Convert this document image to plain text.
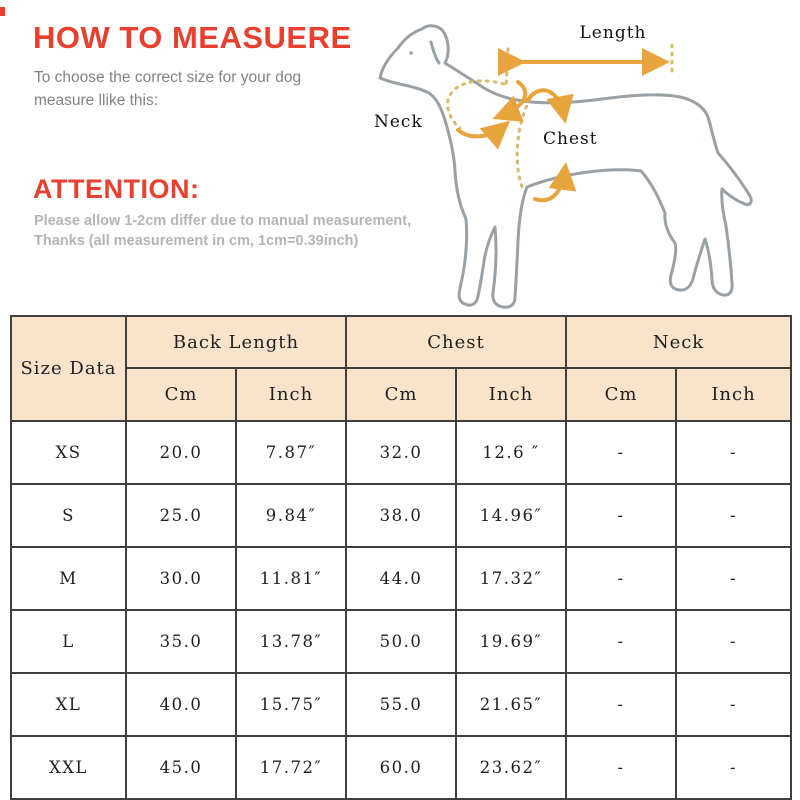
HOW TO MEASUERE
To choose the correct size for your dog
measure llike this:
ATTENTION:
Please allow 1-2cm differ due to manual measurement,
Thanks (all measurement in cm, 1cm=0.39inch)
Length
Neck
Chest
Size Data	Back Length		Chest		Neck	
	Cm	Inch	Cm	Inch	Cm	Inch
XS	20.0	7.87″	32.0	12.6 ″	-	-
S	25.0	9.84″	38.0	14.96″	-	-
M	30.0	11.81″	44.0	17.32″	-	-
L	35.0	13.78″	50.0	19.69″	-	-
XL	40.0	15.75″	55.0	21.65″	-	-
XXL	45.0	17.72″	60.0	23.62″	-	-
